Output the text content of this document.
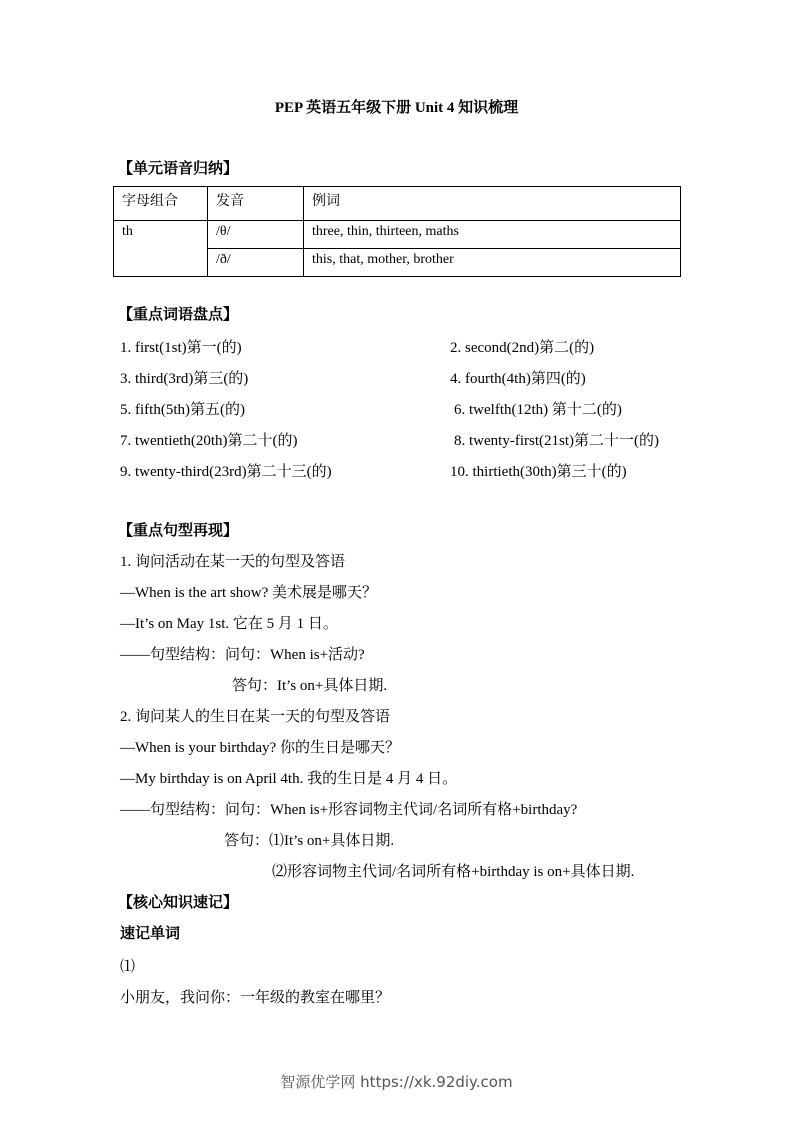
PEP 英语五年级下册 Unit 4 知识梳理
【单元语音归纳】
字母组合	发音	例词
th	/θ/	three, thin, thirteen, maths
	/ð/	this, that, mother, brother
【重点词语盘点】
1. first(1st)第一(的)	2. second(2nd)第二(的)
3. third(3rd)第三(的)	4. fourth(4th)第四(的)
5. fifth(5th)第五(的)	6. twelfth(12th) 第十二(的)
7. twentieth(20th)第二十(的)	8. twenty-first(21st)第二十一(的)
9. twenty-third(23rd)第二十三(的)	10. thirtieth(30th)第三十(的)
【重点句型再现】
1. 询问活动在某一天的句型及答语
—When is the art show? 美术展是哪天？
—It’s on May 1st. 它在 5 月 1 日。
——句型结构：问句：When is+活动?
答句：It’s on+具体日期.
2. 询问某人的生日在某一天的句型及答语
—When is your birthday? 你的生日是哪天？
—My birthday is on April 4th. 我的生日是 4 月 4 日。
——句型结构：问句：When is+形容词物主代词/名词所有格+birthday?
答句：⑴It’s on+具体日期.
⑵形容词物主代词/名词所有格+birthday is on+具体日期.
【核心知识速记】
速记单词
⑴
小朋友，我问你：一年级的教室在哪里？
智源优学网 https://xk.92diy.com
